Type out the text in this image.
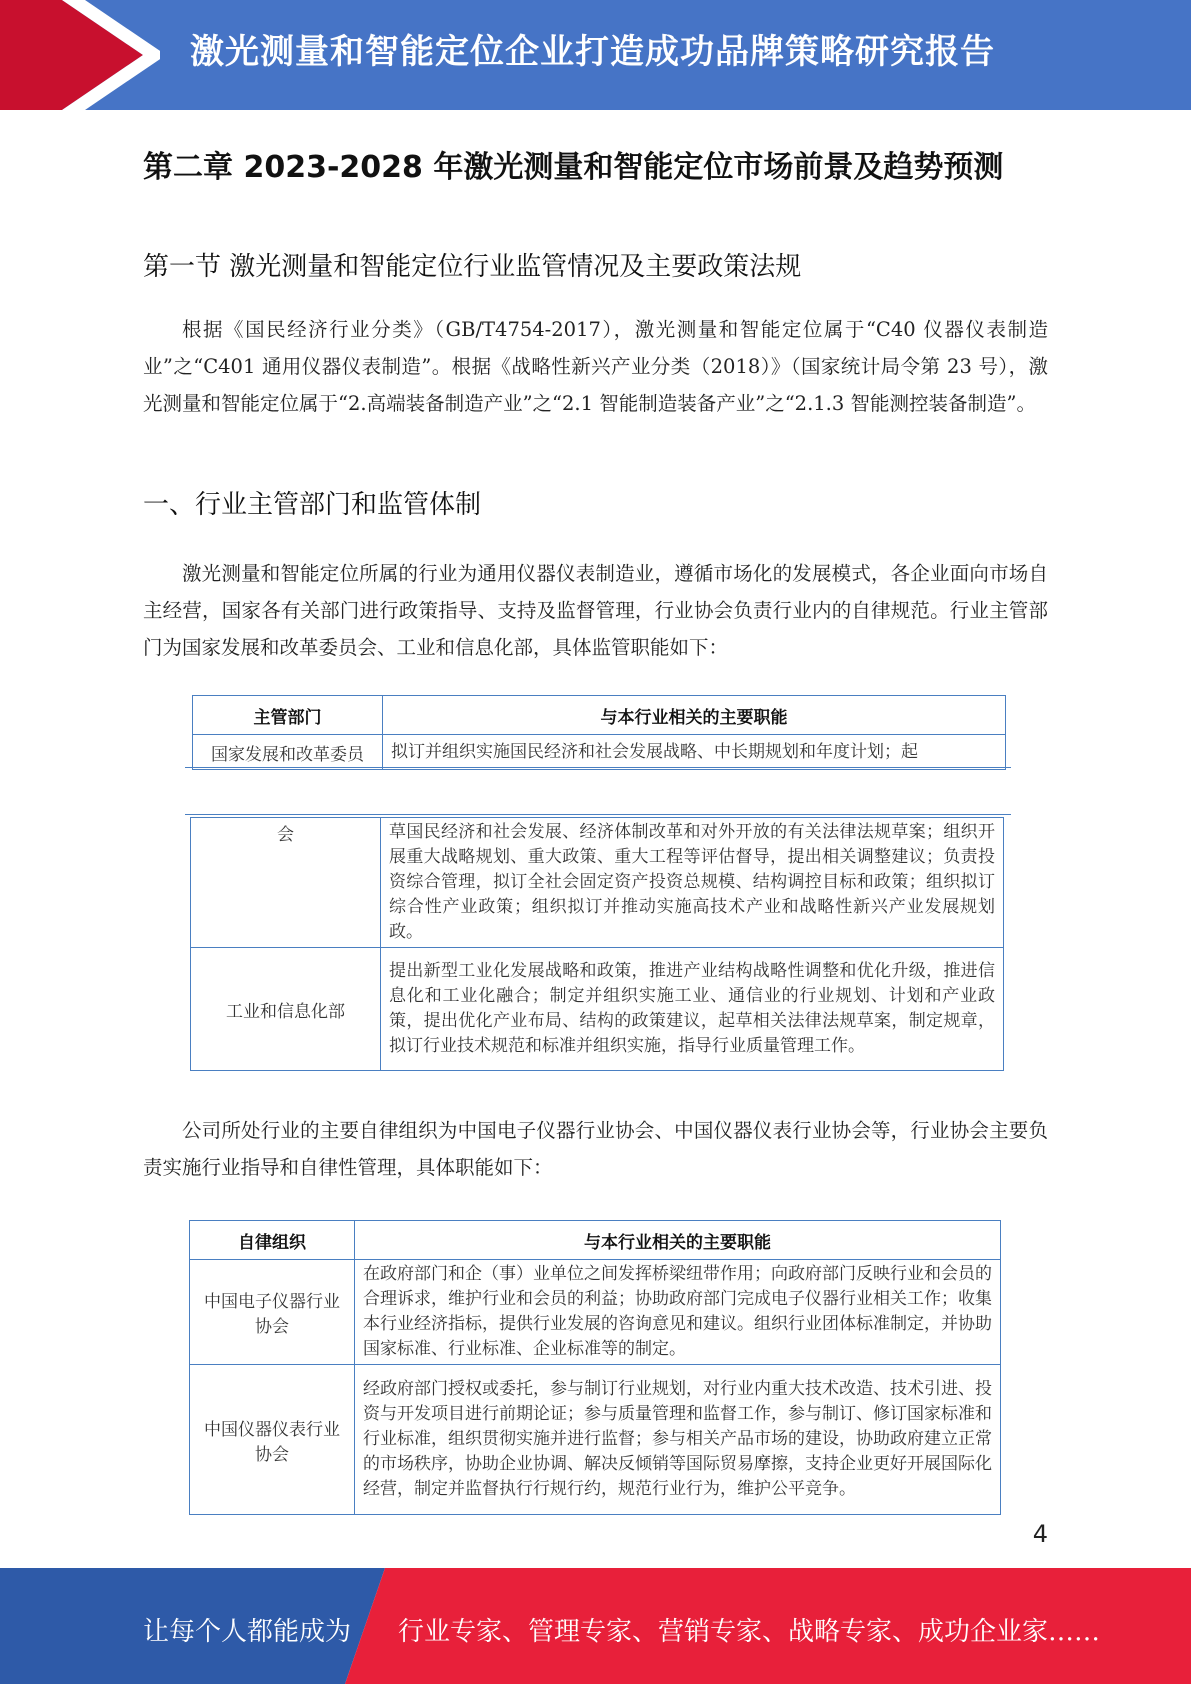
激光测量和智能定位企业打造成功品牌策略研究报告
第二章 2023-2028 年激光测量和智能定位市场前景及趋势预测
第一节 激光测量和智能定位行业监管情况及主要政策法规

根据《国民经济行业分类》（GB/T4754-2017），激光测量和智能定位属于“C40 仪器仪表制造业”之“C401 通用仪器仪表制造”。根据《战略性新兴产业分类（2018）》（国家统计局令第 23 号），激光测量和智能定位属于“2.高端装备制造产业”之“2.1 智能制造装备产业”之“2.1.3 智能测控装备制造”。

一、行业主管部门和监管体制

激光测量和智能定位所属的行业为通用仪器仪表制造业，遵循市场化的发展模式，各企业面向市场自主经营，国家各有关部门进行政策指导、支持及监督管理，行业协会负责行业内的自律规范。行业主管部门为国家发展和改革委员会、工业和信息化部，具体监管职能如下：

公司所处行业的主要自律组织为中国电子仪器行业协会、中国仪器仪表行业协会等，行业协会主要负责实施行业指导和自律性管理，具体职能如下：

主管部门	与本行业相关的主要职能
国家发展和改革委员	拟订并组织实施国民经济和社会发展战略、中长期规划和年度计划；起
会	草国民经济和社会发展、经济体制改革和对外开放的有关法律法规草案；组织开展重大战略规划、重大政策、重大工程等评估督导，提出相关调整建议；负责投资综合管理，拟订全社会固定资产投资总规模、结构调控目标和政策；组织拟订综合性产业政策；组织拟订并推动实施高技术产业和战略性新兴产业发展规划政。
工业和信息化部	提出新型工业化发展战略和政策，推进产业结构战略性调整和优化升级，推进信息化和工业化融合；制定并组织实施工业、通信业的行业规划、计划和产业政策，提出优化产业布局、结构的政策建议，起草相关法律法规草案，制定规章，拟订行业技术规范和标准并组织实施，指导行业质量管理工作。
自律组织	与本行业相关的主要职能
中国电子仪器行业协会	在政府部门和企（事）业单位之间发挥桥梁纽带作用；向政府部门反映行业和会员的合理诉求，维护行业和会员的利益；协助政府部门完成电子仪器行业相关工作；收集本行业经济指标，提供行业发展的咨询意见和建议。组织行业团体标准制定，并协助国家标准、行业标准、企业标准等的制定。
中国仪器仪表行业协会	经政府部门授权或委托，参与制订行业规划，对行业内重大技术改造、技术引进、投资与开发项目进行前期论证；参与质量管理和监督工作，参与制订、修订国家标准和行业标准，组织贯彻实施并进行监督；参与相关产品市场的建设，协助政府建立正常的市场秩序，协助企业协调、解决反倾销等国际贸易摩擦，支持企业更好开展国际化经营，制定并监督执行行规行约，规范行业行为，维护公平竞争。
4
让每个人都能成为 行业专家、管理专家、营销专家、战略专家、成功企业家……
